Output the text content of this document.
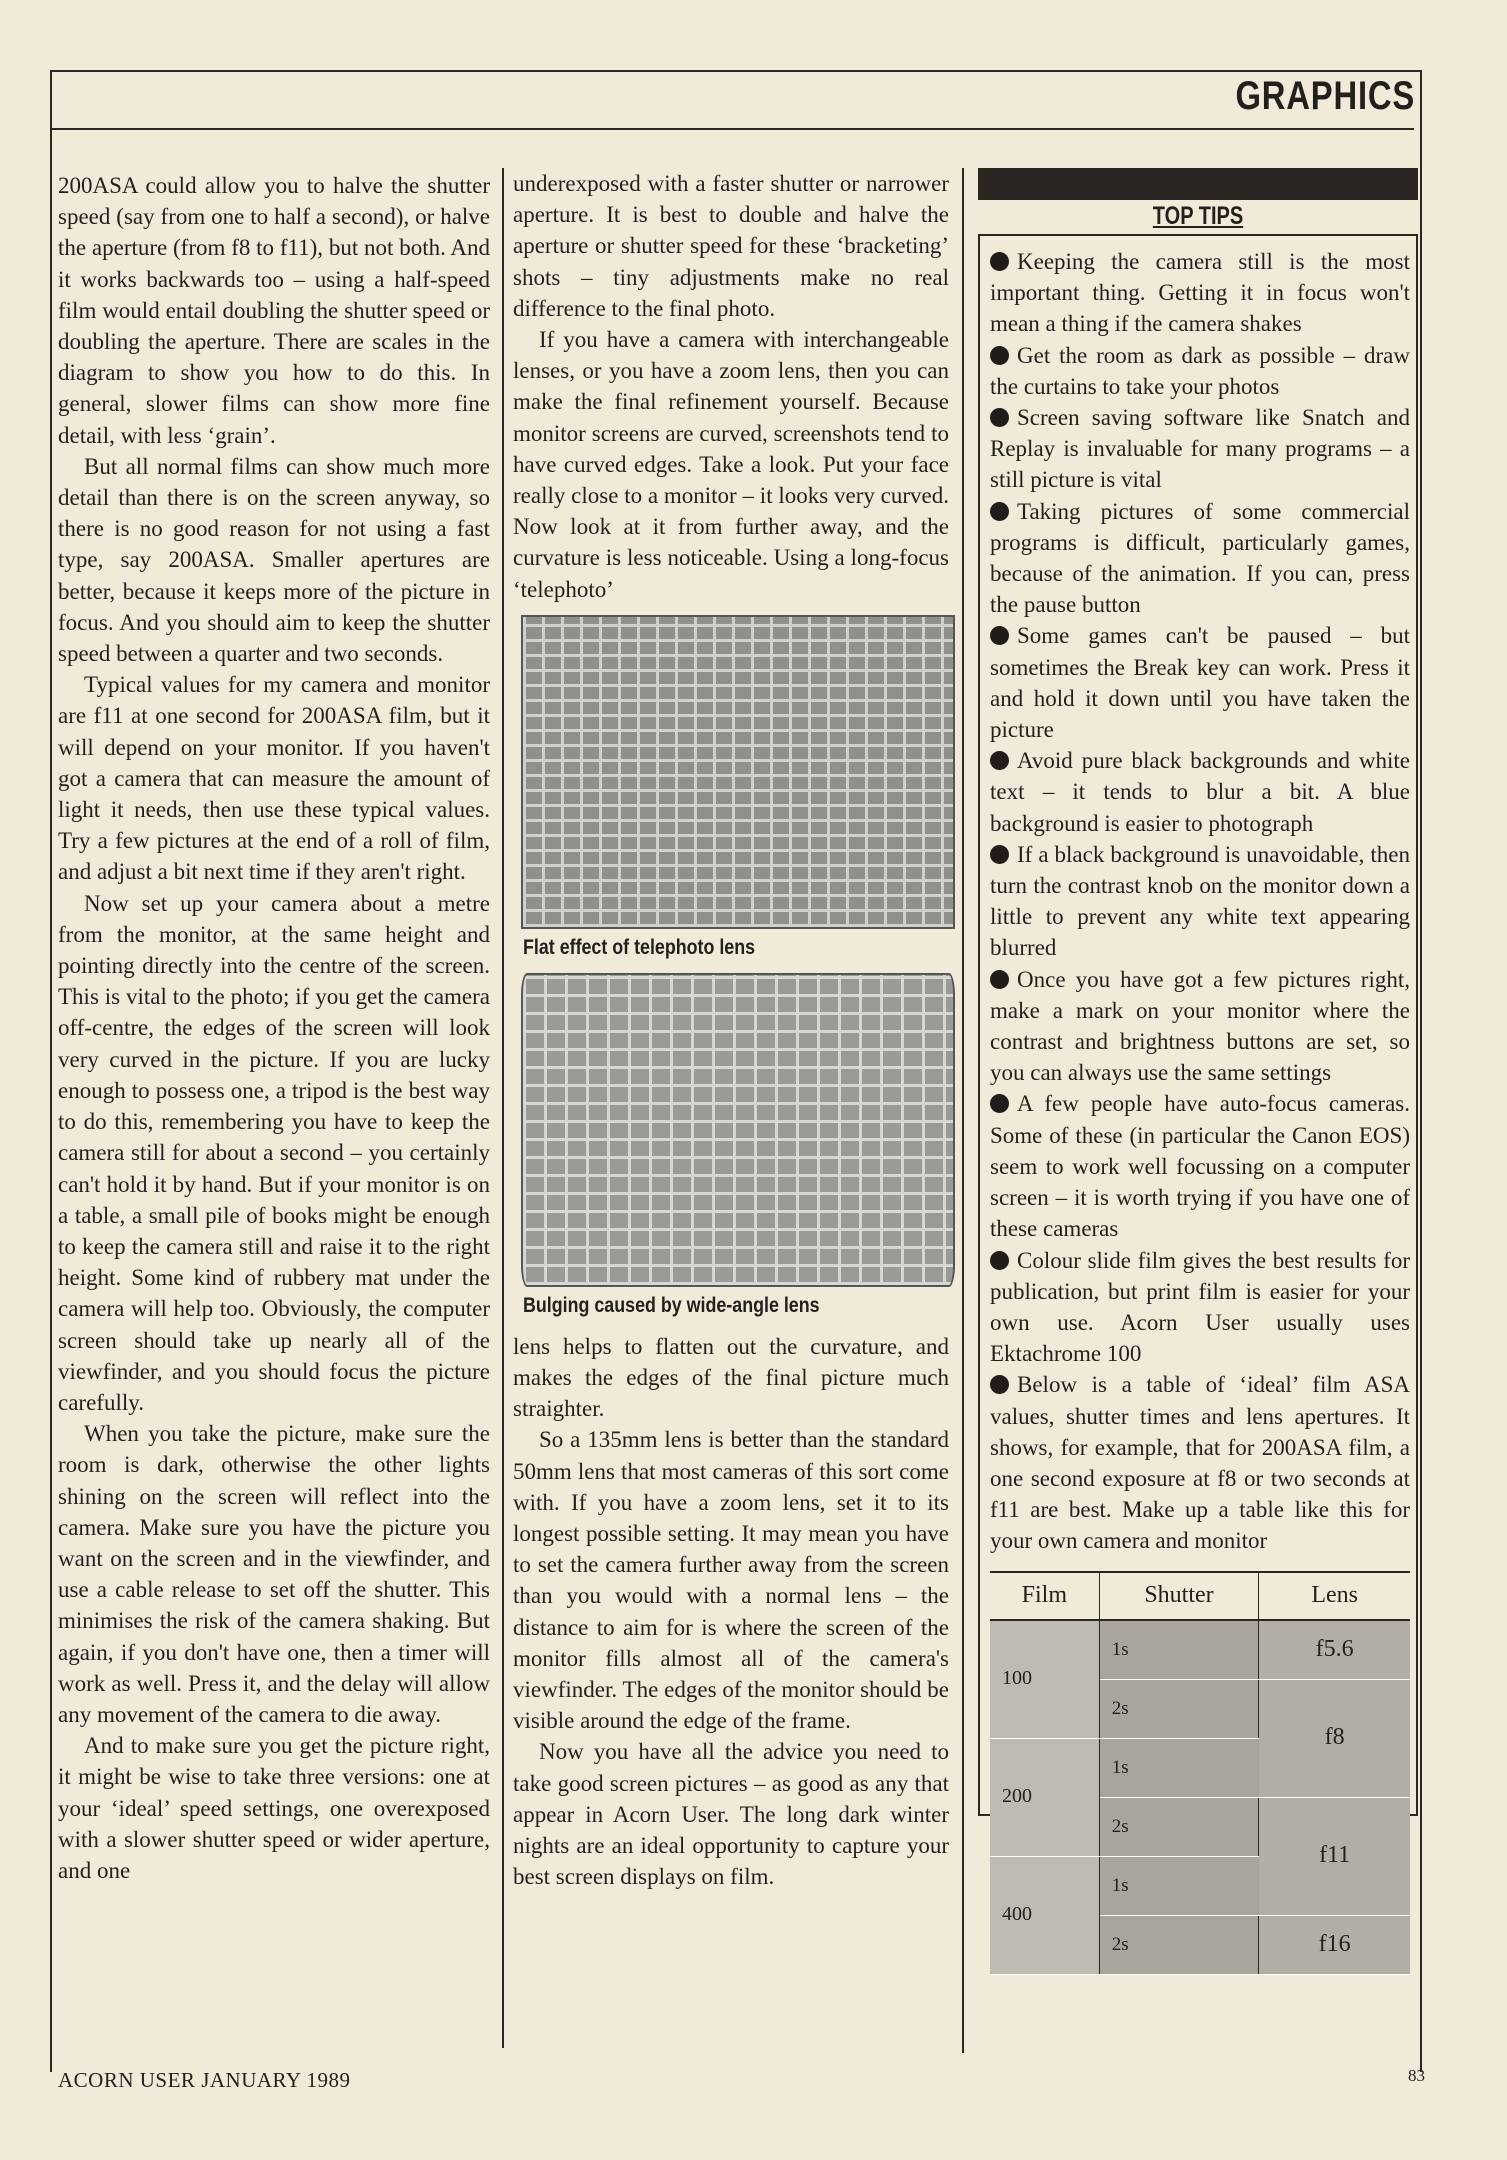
GRAPHICS

200ASA could allow you to halve the shutter speed (say from one to half a second), or halve the aperture (from f8 to f11), but not both. And it works backwards too – using a half-speed film would entail doubling the shutter speed or doubling the aperture. There are scales in the diagram to show you how to do this. In general, slower films can show more fine detail, with less ‘grain’.

But all normal films can show much more detail than there is on the screen anyway, so there is no good reason for not using a fast type, say 200ASA. Smaller apertures are better, because it keeps more of the picture in focus. And you should aim to keep the shutter speed between a quarter and two seconds.

Typical values for my camera and monitor are f11 at one second for 200ASA film, but it will depend on your monitor. If you haven't got a camera that can measure the amount of light it needs, then use these typical values. Try a few pictures at the end of a roll of film, and adjust a bit next time if they aren't right.

Now set up your camera about a metre from the monitor, at the same height and pointing directly into the centre of the screen. This is vital to the photo; if you get the camera off-centre, the edges of the screen will look very curved in the picture. If you are lucky enough to possess one, a tripod is the best way to do this, remembering you have to keep the camera still for about a second – you certainly can't hold it by hand. But if your monitor is on a table, a small pile of books might be enough to keep the camera still and raise it to the right height. Some kind of rubbery mat under the camera will help too. Obviously, the computer screen should take up nearly all of the viewfinder, and you should focus the picture carefully.

When you take the picture, make sure the room is dark, otherwise the other lights shining on the screen will reflect into the camera. Make sure you have the picture you want on the screen and in the viewfinder, and use a cable release to set off the shutter. This minimises the risk of the camera shaking. But again, if you don't have one, then a timer will work as well. Press it, and the delay will allow any movement of the camera to die away.

And to make sure you get the picture right, it might be wise to take three versions: one at your ‘ideal’ speed settings, one overexposed with a slower shutter speed or wider aperture, and one

underexposed with a faster shutter or narrower aperture. It is best to double and halve the aperture or shutter speed for these ‘bracketing’ shots – tiny adjustments make no real difference to the final photo.

If you have a camera with interchangeable lenses, or you have a zoom lens, then you can make the final refinement yourself. Because monitor screens are curved, screenshots tend to have curved edges. Take a look. Put your face really close to a monitor – it looks very curved. Now look at it from further away, and the curvature is less noticeable. Using a long-focus ‘telephoto’

Flat effect of telephoto lens
Bulging caused by wide-angle lens

lens helps to flatten out the curvature, and makes the edges of the final picture much straighter.

So a 135mm lens is better than the standard 50mm lens that most cameras of this sort come with. If you have a zoom lens, set it to its longest possible setting. It may mean you have to set the camera further away from the screen than you would with a normal lens – the distance to aim for is where the screen of the monitor fills almost all of the camera's viewfinder. The edges of the monitor should be visible around the edge of the frame.

Now you have all the advice you need to take good screen pictures – as good as any that appear in Acorn User. The long dark winter nights are an ideal opportunity to capture your best screen displays on film.

TOP TIPS

Keeping the camera still is the most important thing. Getting it in focus won't mean a thing if the camera shakes

Get the room as dark as possible – draw the curtains to take your photos

Screen saving software like Snatch and Replay is invaluable for many programs – a still picture is vital

Taking pictures of some commercial programs is difficult, particularly games, because of the animation. If you can, press the pause button

Some games can't be paused – but sometimes the Break key can work. Press it and hold it down until you have taken the picture

Avoid pure black backgrounds and white text – it tends to blur a bit. A blue background is easier to photograph

If a black background is unavoidable, then turn the contrast knob on the monitor down a little to prevent any white text appearing blurred

Once you have got a few pictures right, make a mark on your monitor where the contrast and brightness buttons are set, so you can always use the same settings

A few people have auto-focus cameras. Some of these (in particular the Canon EOS) seem to work well focussing on a computer screen – it is worth trying if you have one of these cameras

Colour slide film gives the best results for publication, but print film is easier for your own use. Acorn User usually uses Ektachrome 100

Below is a table of ‘ideal’ film ASA values, shutter times and lens apertures. It shows, for example, that for 200ASA film, a one second exposure at f8 or two seconds at f11 are best. Make up a table like this for your own camera and monitor

Film	Shutter	Lens
100	1s	f5.6
	2s	f8
200	1s	
	2s	f11
400	1s	
	2s	f16
ACORN USER JANUARY 1989	83
